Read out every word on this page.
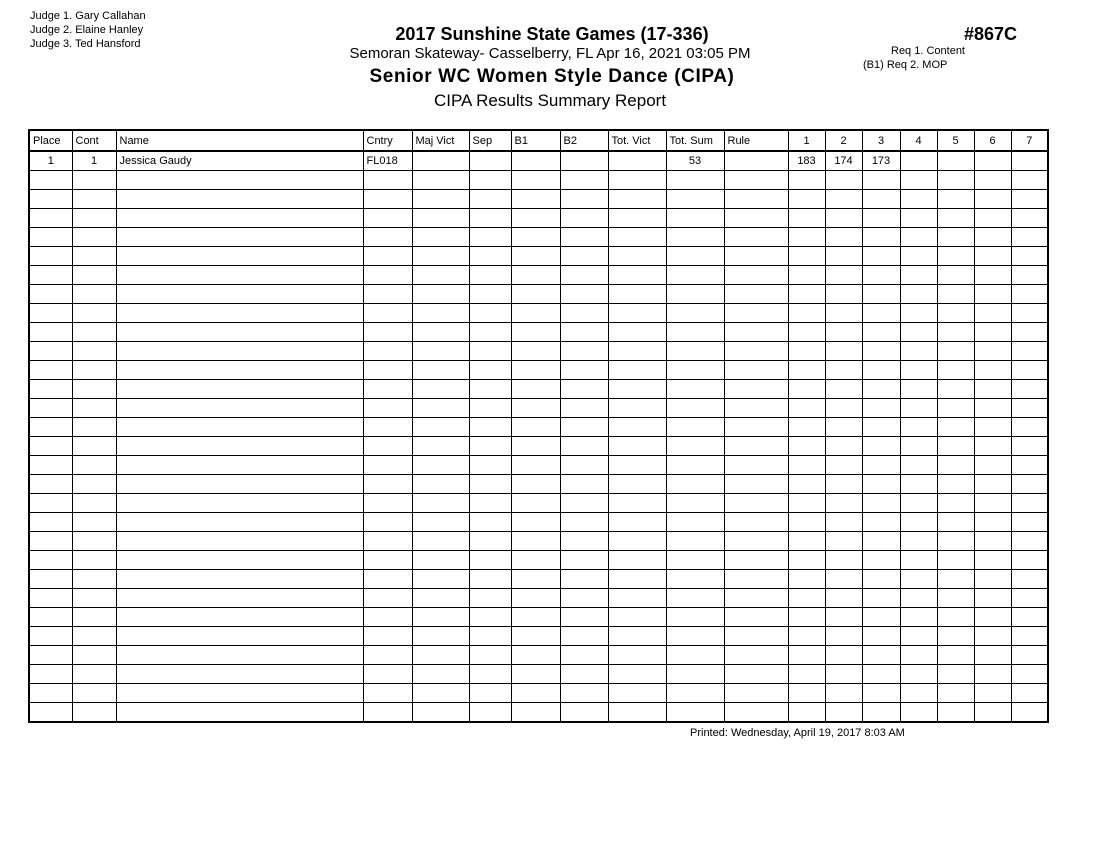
Judge 1. Gary Callahan
Judge 2. Elaine Hanley
Judge 3. Ted Hansford	2017 Sunshine State Games (17-336)
Semoran Skateway- Casselberry, FL Apr 16, 2021 03:05 PM
Senior WC Women Style Dance (CIPA)
CIPA Results Summary Report
#867C
Req 1. Content
(B1) Req 2. MOP
Place	Cont	Name	Cntry	Maj Vict	Sep	B1	B2	Tot. Vict	Tot. Sum	Rule	1	2	3	4	5	6	7
1	1	Jessica Gaudy	FL018						53		183	174	173				

Printed: Wednesday, April 19, 2017 8:03 AM
